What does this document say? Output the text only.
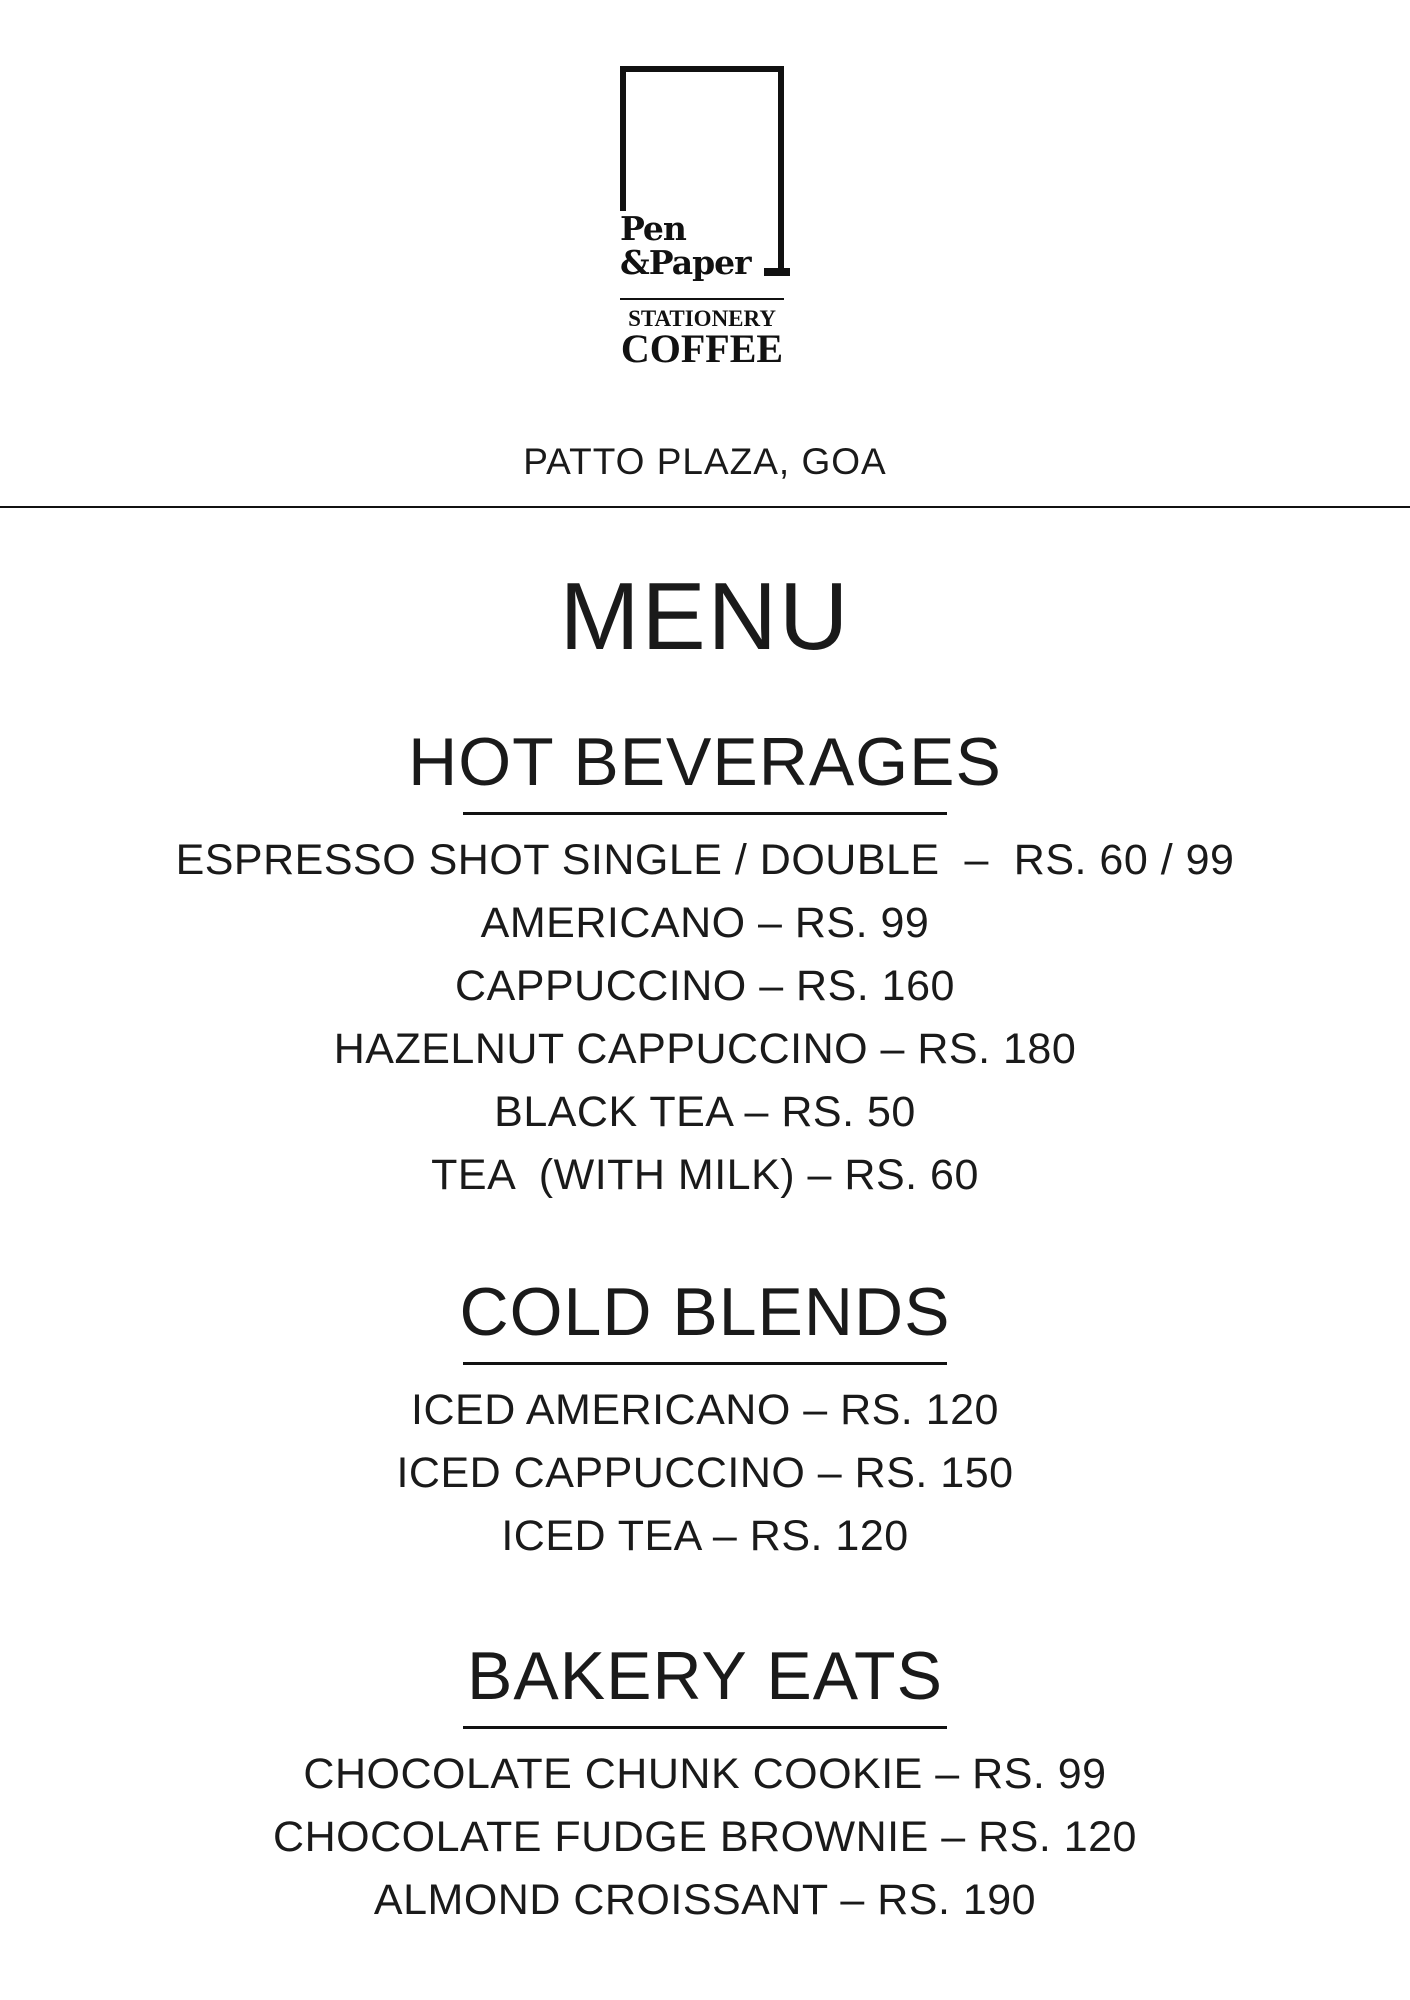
Pen
&Paper
STATIONERY
COFFEE
PATTO PLAZA, GOA
MENU
HOT BEVERAGES
ESPRESSO SHOT SINGLE / DOUBLE  –  RS. 60 / 99
AMERICANO – RS. 99
CAPPUCCINO – RS. 160
HAZELNUT CAPPUCCINO – RS. 180
BLACK TEA – RS. 50
TEA  (WITH MILK) – RS. 60
COLD BLENDS
ICED AMERICANO – RS. 120
ICED CAPPUCCINO – RS. 150
ICED TEA – RS. 120
BAKERY EATS
CHOCOLATE CHUNK COOKIE – RS. 99
CHOCOLATE FUDGE BROWNIE – RS. 120
ALMOND CROISSANT – RS. 190
